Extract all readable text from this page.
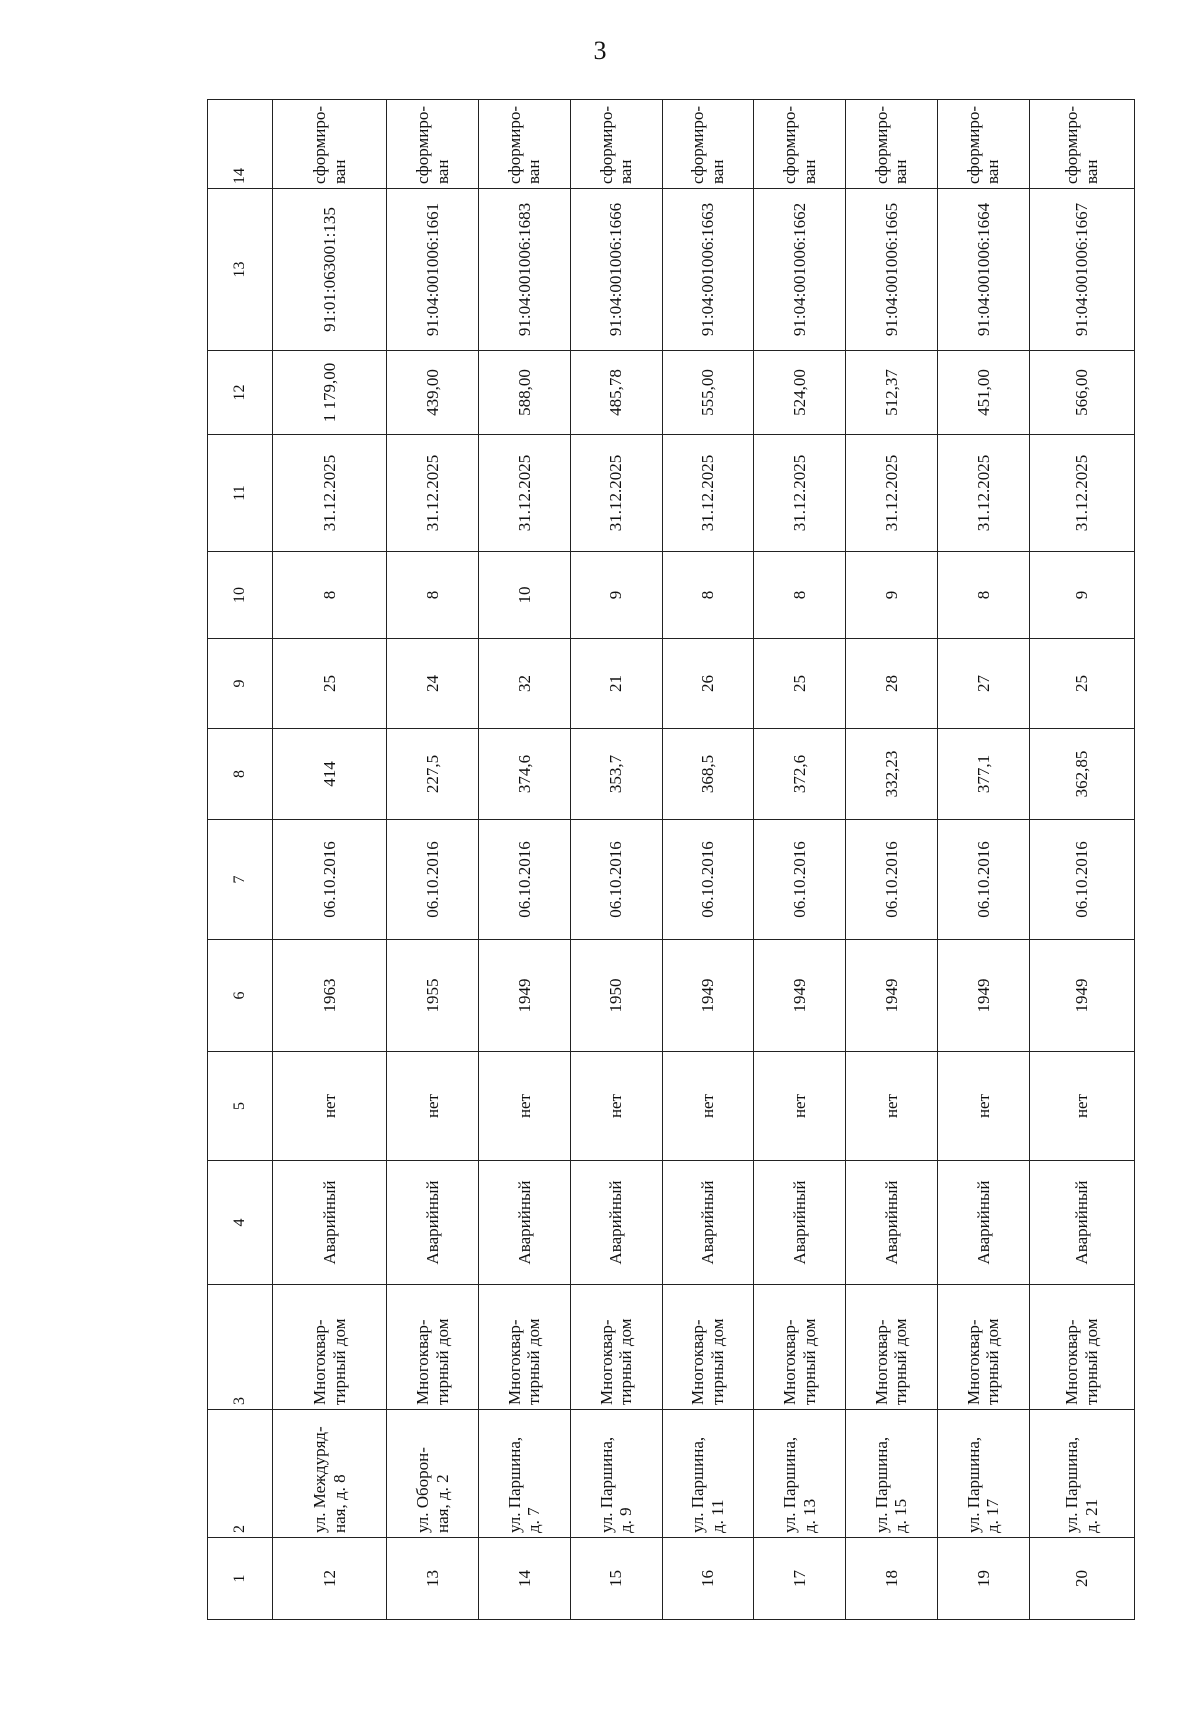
3
1	2	3	4	5	6	7	8	9	10	11	12	13	14
12	ул. Междуряд-
ная, д. 8	Многоквар-
тирный дом	Аварийный	нет	1963	06.10.2016	414	25	8	31.12.2025	1 179,00	91:01:063001:135	сформиро-
ван
13	ул. Оборон-
ная, д. 2	Многоквар-
тирный дом	Аварийный	нет	1955	06.10.2016	227,5	24	8	31.12.2025	439,00	91:04:001006:1661	сформиро-
ван
14	ул. Паршина,
д. 7	Многоквар-
тирный дом	Аварийный	нет	1949	06.10.2016	374,6	32	10	31.12.2025	588,00	91:04:001006:1683	сформиро-
ван
15	ул. Паршина,
д. 9	Многоквар-
тирный дом	Аварийный	нет	1950	06.10.2016	353,7	21	9	31.12.2025	485,78	91:04:001006:1666	сформиро-
ван
16	ул. Паршина,
д. 11	Многоквар-
тирный дом	Аварийный	нет	1949	06.10.2016	368,5	26	8	31.12.2025	555,00	91:04:001006:1663	сформиро-
ван
17	ул. Паршина,
д. 13	Многоквар-
тирный дом	Аварийный	нет	1949	06.10.2016	372,6	25	8	31.12.2025	524,00	91:04:001006:1662	сформиро-
ван
18	ул. Паршина,
д. 15	Многоквар-
тирный дом	Аварийный	нет	1949	06.10.2016	332,23	28	9	31.12.2025	512,37	91:04:001006:1665	сформиро-
ван
19	ул. Паршина,
д. 17	Многоквар-
тирный дом	Аварийный	нет	1949	06.10.2016	377,1	27	8	31.12.2025	451,00	91:04:001006:1664	сформиро-
ван
20	ул. Паршина,
д. 21	Многоквар-
тирный дом	Аварийный	нет	1949	06.10.2016	362,85	25	9	31.12.2025	566,00	91:04:001006:1667	сформиро-
ван
